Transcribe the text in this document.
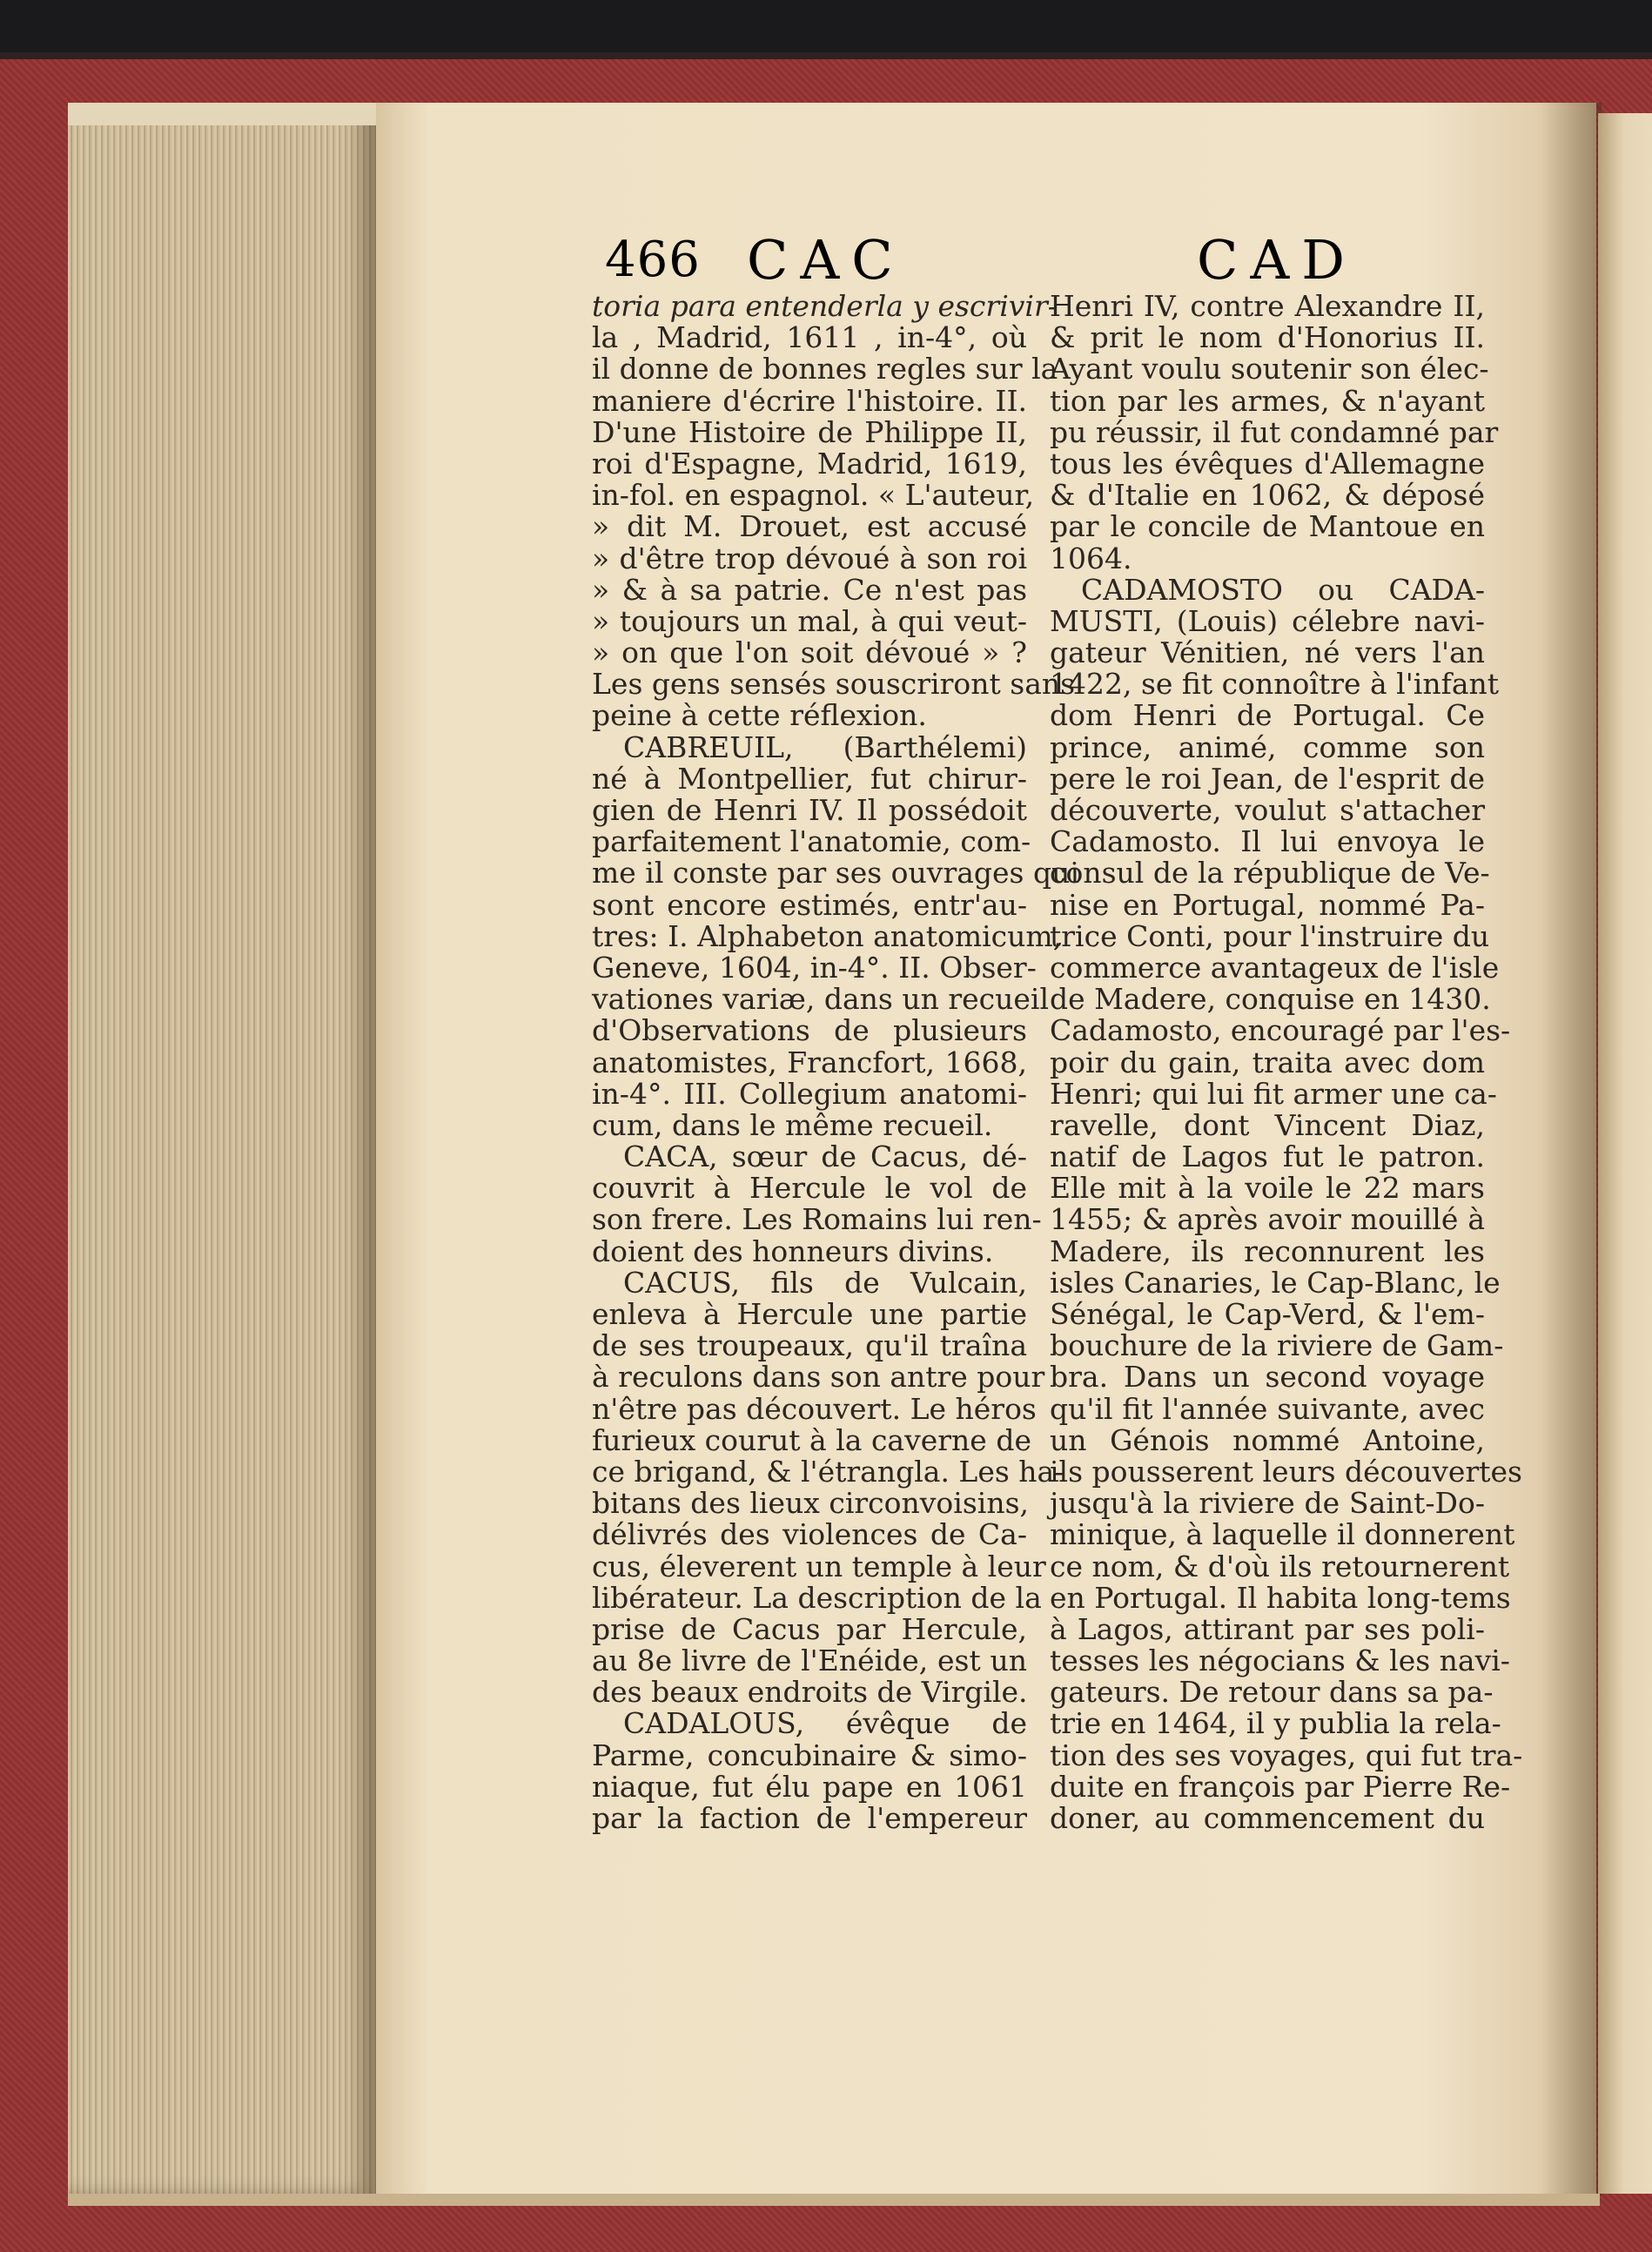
466 CAC	CAD
toria para entenderla y escrivir-
la , Madrid, 1611 , in-4°, où
il donne de bonnes regles sur la
maniere d'écrire l'histoire. II.
D'une Histoire de Philippe II,
roi d'Espagne, Madrid, 1619,
in-fol. en espagnol. « L'auteur,
» dit M. Drouet, est accusé
» d'être trop dévoué à son roi
» & à sa patrie. Ce n'est pas
» toujours un mal, à qui veut-
» on que l'on soit dévoué » ?
Les gens sensés souscriront sans
peine à cette réflexion.
CABREUIL, (Barthélemi)
né à Montpellier, fut chirur-
gien de Henri IV. Il possédoit
parfaitement l'anatomie, com-
me il conste par ses ouvrages qui
sont encore estimés, entr'au-
tres: I. Alphabeton anatomicum,
Geneve, 1604, in-4°. II. Obser-
vationes variæ, dans un recueil
d'Observations de plusieurs
anatomistes, Francfort, 1668,
in-4°. III. Collegium anatomi-
cum, dans le même recueil.
CACA, sœur de Cacus, dé-
couvrit à Hercule le vol de
son frere. Les Romains lui ren-
doient des honneurs divins.
CACUS, fils de Vulcain,
enleva à Hercule une partie
de ses troupeaux, qu'il traîna
à reculons dans son antre pour
n'être pas découvert. Le héros
furieux courut à la caverne de
ce brigand, & l'étrangla. Les ha-
bitans des lieux circonvoisins,
délivrés des violences de Ca-
cus, éleverent un temple à leur
libérateur. La description de la
prise de Cacus par Hercule,
au 8e livre de l'Enéide, est un
des beaux endroits de Virgile.
CADALOUS, évêque de
Parme, concubinaire & simo-
niaque, fut élu pape en 1061
par la faction de l'empereur
Henri IV, contre Alexandre II,
& prit le nom d'Honorius II.
Ayant voulu soutenir son élec-
tion par les armes, & n'ayant
pu réussir, il fut condamné par
tous les évêques d'Allemagne
& d'Italie en 1062, & déposé
par le concile de Mantoue en
1064.
CADAMOSTO ou CADA-
MUSTI, (Louis) célebre navi-
gateur Vénitien, né vers l'an
1422, se fit connoître à l'infant
dom Henri de Portugal. Ce
prince, animé, comme son
pere le roi Jean, de l'esprit de
découverte, voulut s'attacher
Cadamosto. Il lui envoya le
consul de la république de Ve-
nise en Portugal, nommé Pa-
trice Conti, pour l'instruire du
commerce avantageux de l'isle
de Madere, conquise en 1430.
Cadamosto, encouragé par l'es-
poir du gain, traita avec dom
Henri; qui lui fit armer une ca-
ravelle, dont Vincent Diaz,
natif de Lagos fut le patron.
Elle mit à la voile le 22 mars
1455; & après avoir mouillé à
Madere, ils reconnurent les
isles Canaries, le Cap-Blanc, le
Sénégal, le Cap-Verd, & l'em-
bouchure de la riviere de Gam-
bra. Dans un second voyage
qu'il fit l'année suivante, avec
un Génois nommé Antoine,
ils pousserent leurs découvertes
jusqu'à la riviere de Saint-Do-
minique, à laquelle il donnerent
ce nom, & d'où ils retournerent
en Portugal. Il habita long-tems
à Lagos, attirant par ses poli-
tesses les négocians & les navi-
gateurs. De retour dans sa pa-
trie en 1464, il y publia la rela-
tion des ses voyages, qui fut tra-
duite en françois par Pierre Re-
doner, au commencement du
